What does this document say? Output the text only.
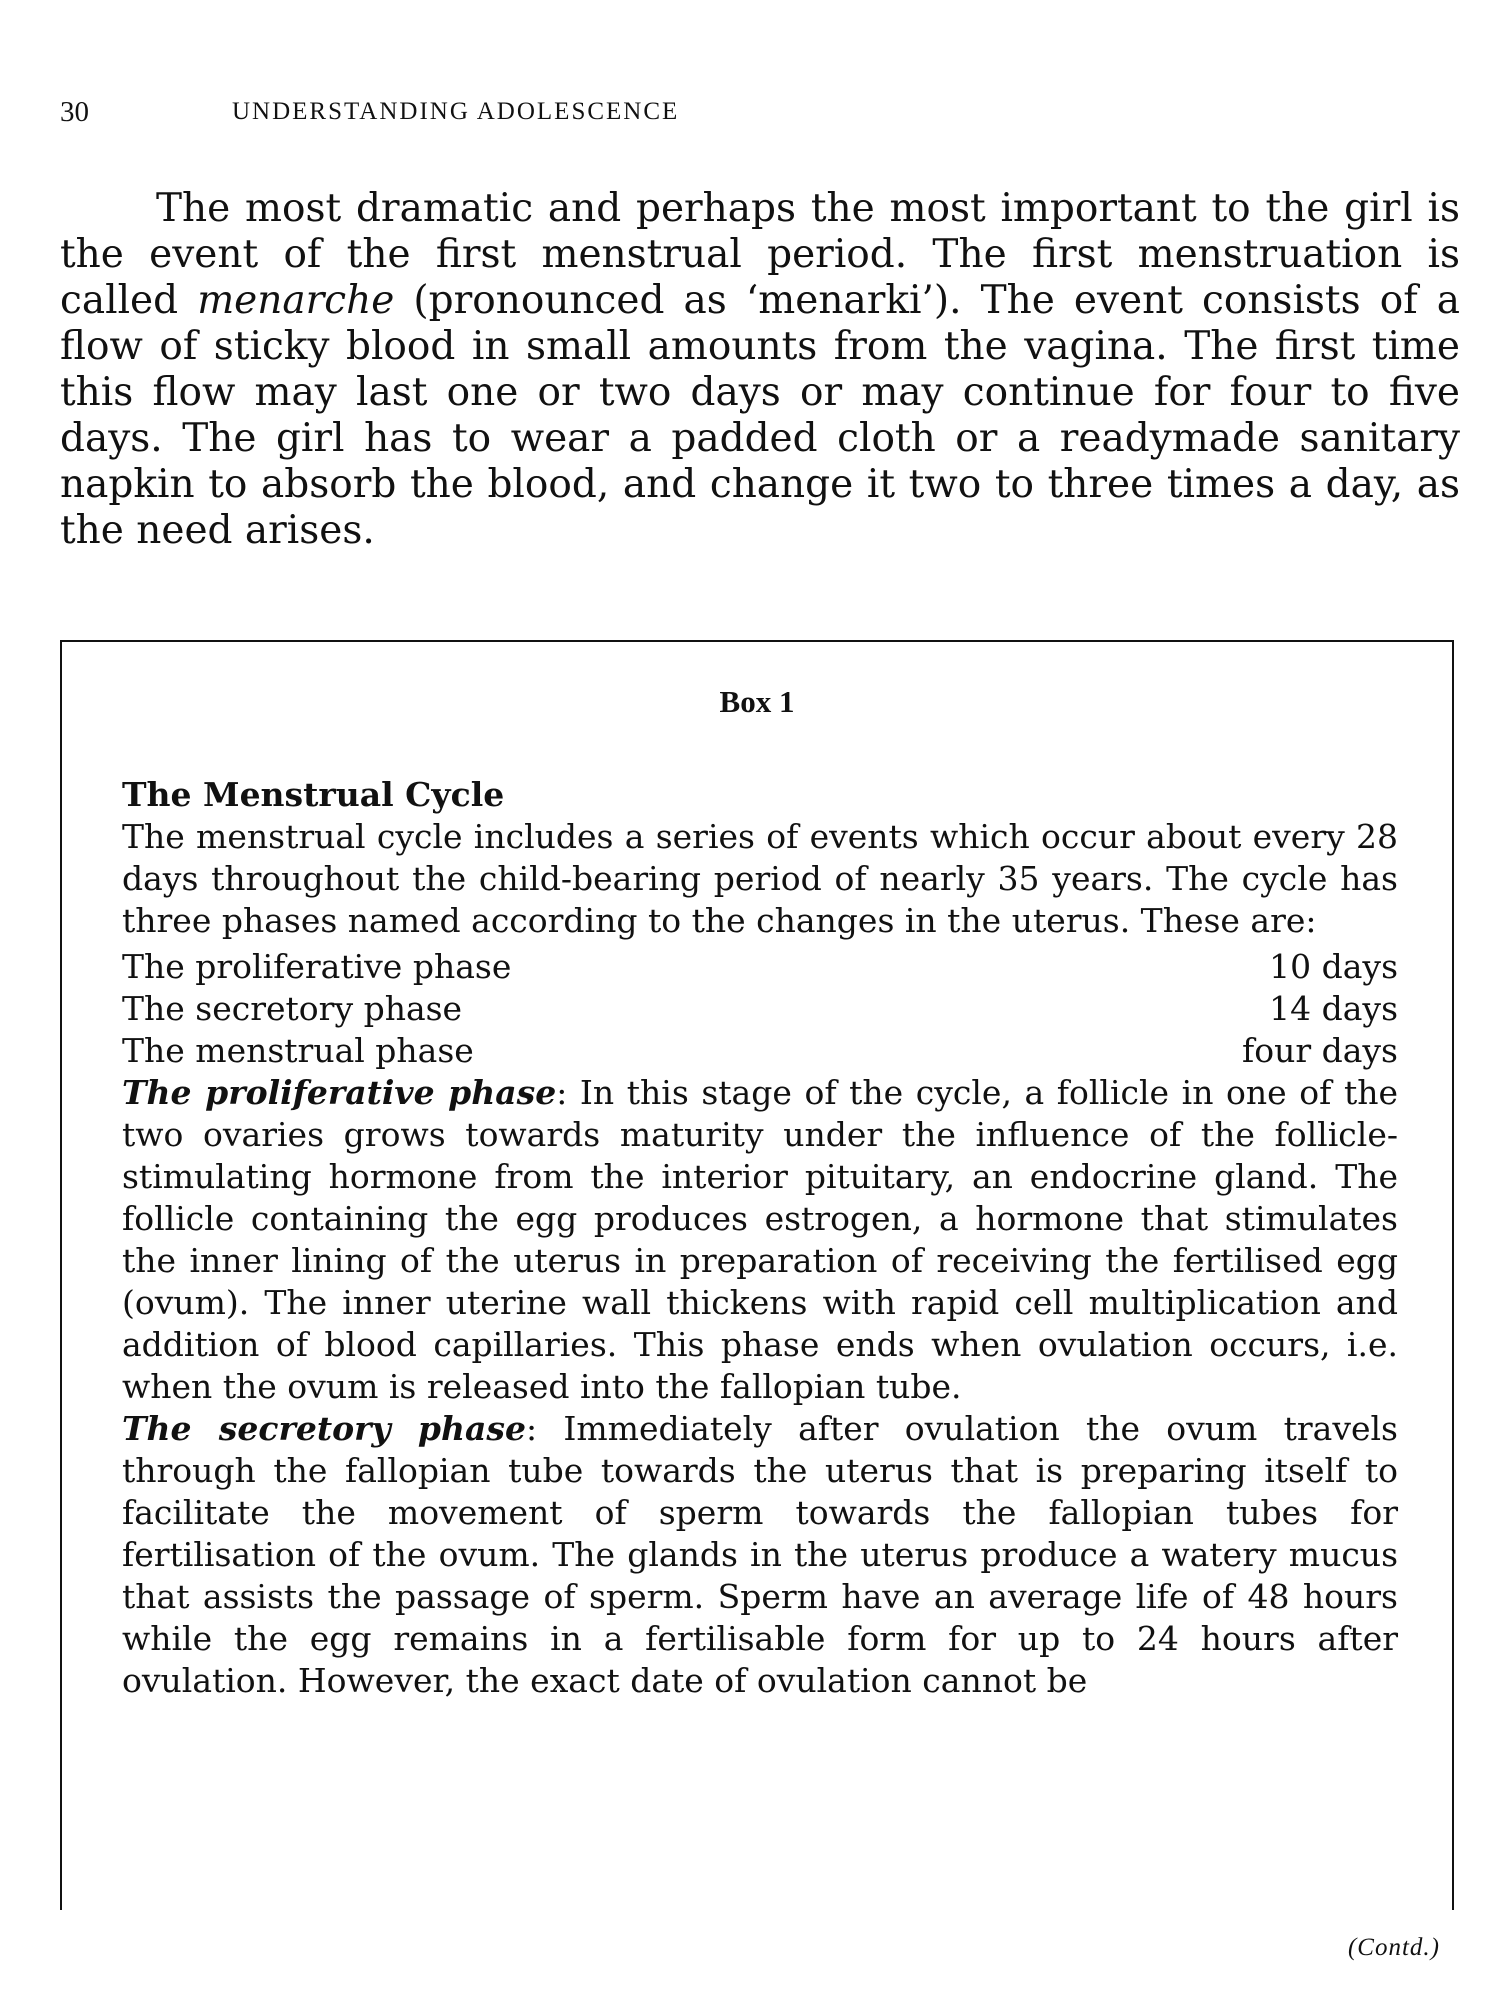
30	UNDERSTANDING ADOLESCENCE

The most dramatic and perhaps the most important to the girl is the event of the first menstrual period. The first menstruation is called menarche (pronounced as ‘menarki’). The event consists of a flow of sticky blood in small amounts from the vagina. The first time this flow may last one or two days or may continue for four to five days. The girl has to wear a padded cloth or a readymade sanitary napkin to absorb the blood, and change it two to three times a day, as the need arises.

Box 1
The Menstrual Cycle
The menstrual cycle includes a series of events which occur about every 28 days throughout the child-bearing period of nearly 35 years. The cycle has three phases named according to the changes in the uterus. These are:
The proliferative phase	10 days
The secretory phase	14 days
The menstrual phase	four days
The proliferative phase: In this stage of the cycle, a follicle in one of the two ovaries grows towards maturity under the influence of the follicle-stimulating hormone from the interior pituitary, an endocrine gland. The follicle containing the egg produces estrogen, a hormone that stimulates the inner lining of the uterus in preparation of receiving the fertilised egg (ovum). The inner uterine wall thickens with rapid cell multiplication and addition of blood capillaries. This phase ends when ovulation occurs, i.e. when the ovum is released into the fallopian tube.
The secretory phase: Immediately after ovulation the ovum travels through the fallopian tube towards the uterus that is preparing itself to facilitate the movement of sperm towards the fallopian tubes for fertilisation of the ovum. The glands in the uterus produce a watery mucus that assists the passage of sperm. Sperm have an average life of 48 hours while the egg remains in a fertilisable form for up to 24 hours after ovulation. However, the exact date of ovulation cannot be
(Contd.)
